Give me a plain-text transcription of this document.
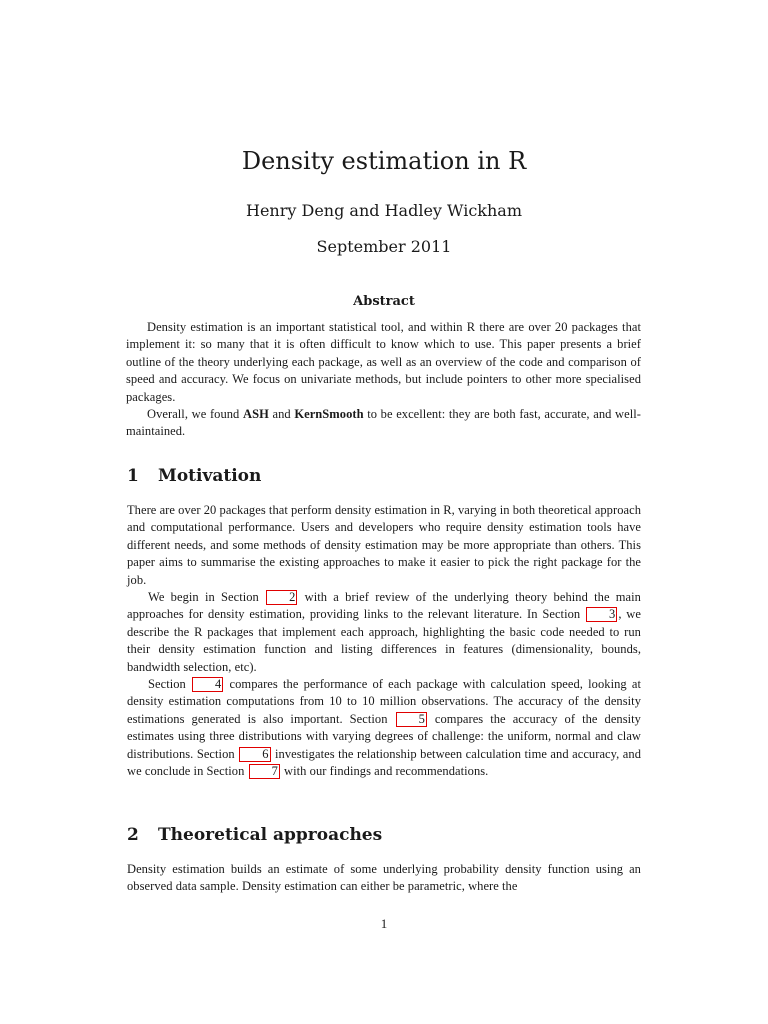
Density estimation in R
Henry Deng and Hadley Wickham
September 2011
Abstract

Density estimation is an important statistical tool, and within R there are over 20 packages that implement it: so many that it is often difficult to know which to use. This paper presents a brief outline of the theory underlying each package, as well as an overview of the code and comparison of speed and accuracy. We focus on univariate methods, but include pointers to other more specialised packages.

Overall, we found ASH and KernSmooth to be excellent: they are both fast, accurate, and well-maintained.

1 Motivation

There are over 20 packages that perform density estimation in R, varying in both theoretical approach and computational performance. Users and developers who require density estimation tools have different needs, and some methods of density estimation may be more appropriate than others. This paper aims to summarise the existing approaches to make it easier to pick the right package for the job.

We begin in Section 2 with a brief review of the underlying theory behind the main approaches for density estimation, providing links to the relevant literature. In Section 3 , we describe the R packages that implement each approach, highlighting the basic code needed to run their density estimation function and listing differences in features (dimensionality, bounds, bandwidth selection, etc).

Section 4 compares the performance of each package with calculation speed, looking at density estimation computations from 10 to 10 million observations. The accuracy of the density estimations generated is also important. Section 5 compares the accuracy of the density estimates using three distributions with varying degrees of challenge: the uniform, normal and claw distributions. Section 6 investigates the relationship between calculation time and accuracy, and we conclude in Section 7 with our findings and recommendations.

2 Theoretical approaches

Density estimation builds an estimate of some underlying probability density function using an observed data sample. Density estimation can either be parametric, where the

1
